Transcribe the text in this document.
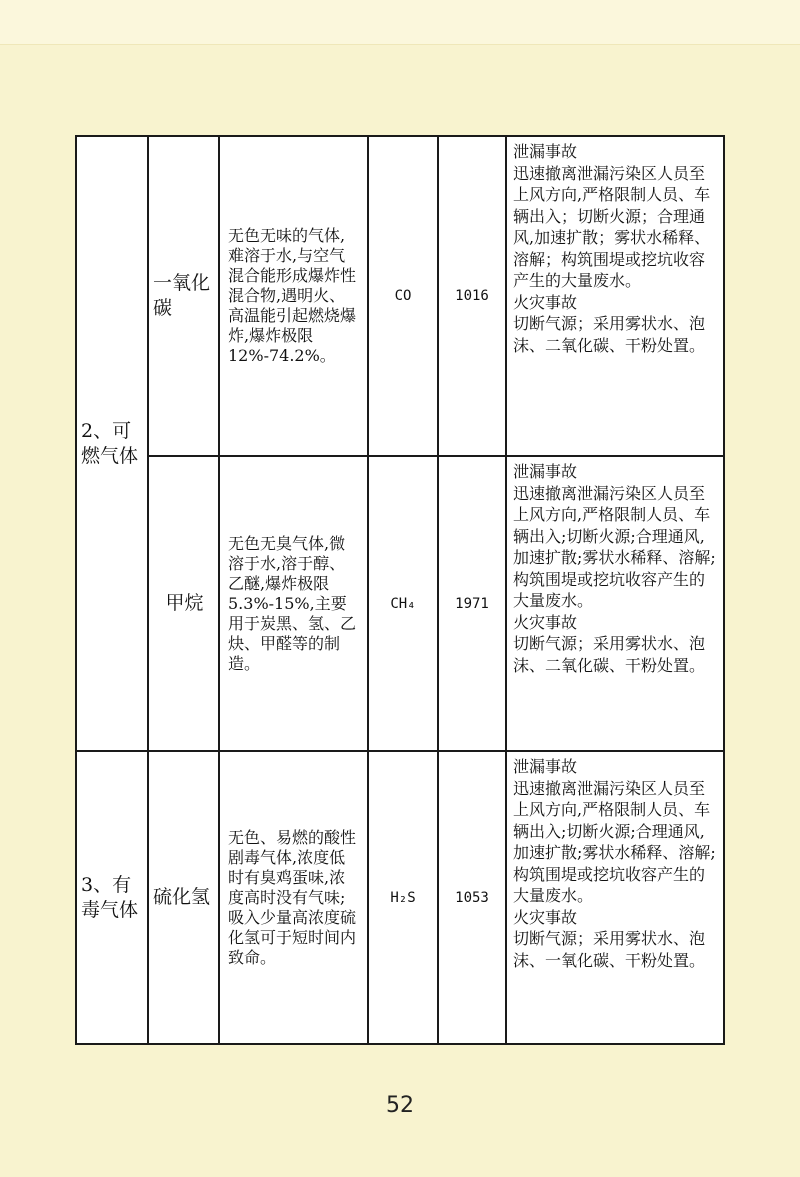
2、可燃气体	一氧化碳	无色无味的气体,难溶于水,与空气混合能形成爆炸性混合物,遇明火、高温能引起燃烧爆炸,爆炸极限12%-74.2%。	CO	1016	泄漏事故
迅速撤离泄漏污染区人员至上风方向,严格限制人员、车辆出入；切断火源；合理通风,加速扩散；雾状水稀释、溶解；构筑围堤或挖坑收容产生的大量废水。
火灾事故
切断气源；采用雾状水、泡沫、二氧化碳、干粉处置。

	甲烷	无色无臭气体,微溶于水,溶于醇、乙醚,爆炸极限5.3%-15%,主要用于炭黑、氢、乙炔、甲醛等的制造。	CH₄	1971	泄漏事故
迅速撤离泄漏污染区人员至上风方向,严格限制人员、车辆出入;切断火源;合理通风,加速扩散;雾状水稀释、溶解;构筑围堤或挖坑收容产生的大量废水。
火灾事故
切断气源；采用雾状水、泡沫、二氧化碳、干粉处置。

3、有毒气体	硫化氢	无色、易燃的酸性剧毒气体,浓度低时有臭鸡蛋味,浓度高时没有气味;吸入少量高浓度硫化氢可于短时间内致命。	H₂S	1053	泄漏事故
迅速撤离泄漏污染区人员至上风方向,严格限制人员、车辆出入;切断火源;合理通风,加速扩散;雾状水稀释、溶解;构筑围堤或挖坑收容产生的大量废水。
火灾事故
切断气源；采用雾状水、泡沫、一氧化碳、干粉处置。
52
